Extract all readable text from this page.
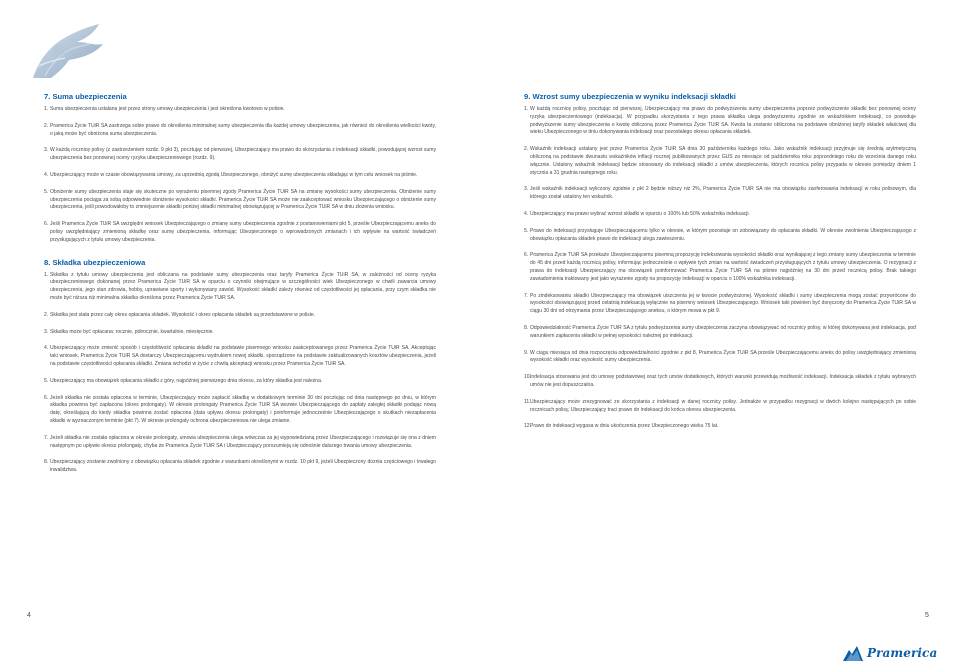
7. Suma ubezpieczenia
1. Suma ubezpieczenia ustalana jest przez strony umowy ubezpieczenia i jest określona kwotowo w polisie.
2. Pramerica Życie TUiR SA zastrzega sobie prawo do określenia minimalnej sumy ubezpieczenia dla każdej umowy ubezpieczenia, jak również do określenia wielkości kwoty, o jaką może być obniżona suma ubezpieczenia.
3. W każdą rocznicę polisy (z zastrzeżeniem rozdz. 9 pkt 3), pocztując od pierwszej, Ubezpieczający ma prawo do skorzystania z indeksacji składki, powodującej wzrost sumy ubezpieczenia bez ponownej oceny ryzyka ubezpieczeniowego (rozdz. 9).
4. Ubezpieczający może w czasie obowiązywania umowy, za uprzednią zgodą Ubezpieczonego, obniżyć sumę ubezpieczenia składając w tym celu wniosek na piśmie.
5. Obniżenie sumy ubezpieczenia staje się skuteczne po wyrażeniu pisemnej zgody Pramerica Życie TUiR SA na zmianę wysokości sumy ubezpieczenia. Obniżenie sumy ubezpieczenia pociąga za sobą odpowiednie obniżenie wysokości składki. Pramerica Życie TUiR SA może nie zaakceptować wniosku Ubezpieczającego o obniżenie sumy ubezpieczenia, jeśli powodowałoby to zmniejszenie składki poniżej składki minimalnej obowiązującej w Pramerica Życie TUiR SA w dniu złożenia wniosku.
6. Jeśli Pramerica Życie TUiR SA uwzględni wniosek Ubezpieczającego o zmianę sumy ubezpieczenia zgodnie z postanowieniami pkt 5, prześle Ubezpieczającemu aneks do polisy uwzględniający zmienioną składkę oraz sumę ubezpieczenia, informując Ubezpieczonego o wprowadzonych zmianach i ich wpływie na wartość świadczeń przysługujących z tytułu umowy ubezpieczenia.
8. Składka ubezpieczeniowa
1. Składka z tytułu umowy ubezpieczenia jest obliczana na podstawie sumy ubezpieczenia oraz taryfy Pramerica Życie TUiR SA, w zależności od oceny ryzyka ubezpieczeniowego dokonanej przez Pramerica Życie TUiR SA w oparciu o czynniki obejmujące w szczególności wiek Ubezpieczonego w chwili zawarcia umowy ubezpieczenia, jego stan zdrowia, hobby, uprawiane sporty i wykonywany zawód. Wysokość składki zależy również od częstotliwości jej opłacania, przy czym składka nie może być niższa niż minimalna składka określona przez Pramerica Życie TUiR SA.
2. Składka jest stała przez cały okres opłacania składek. Wysokość i okres opłacania składek są przedstawione w polisie.
3. Składka może być opłacana: rocznie, półrocznie, kwartalnie, miesięcznie.
4. Ubezpieczający może zmienić sposób i częstotliwość opłacania składki na podstawie pisemnego wniosku zaakceptowanego przez Pramerica Życie TUiR SA. Akceptując taki wniosek, Pramerica Życie TUiR SA dostarczy Ubezpieczającemu wydrukiem nowej składki, sporządzone na podstawie zaktualizowanych kosztów ubezpieczenia, jeżeli na podstawie częstotliwości opłacania składki. Zmiana wchodzi w życie z chwilą akceptacji wniosku przez Pramerica Życie TUiR SA.
5. Ubezpieczający ma obowiązek opłacania składki z góry, najpóźniej pierwszego dnia okresu, za który składka jest należna.
6. Jeżeli składka nie została opłacona w terminie, Ubezpieczający może zapłacić składkę w dodatkowym terminie 30 dni pocztując od dnia następnego po dniu, w którym składka powinna być zapłacona (okres prolongaty). W okresie prolongaty Pramerica Życie TUiR SA wezwie Ubezpieczającego do zapłaty zaległej składki podając nową datę, określającą do kiedy składka powinna zostać opłacona (data upływu okresu prolongaty) i poinformuje jednocześnie Ubezpieczającego o skutkach niezapłacenia składki w wyznaczonym terminie (pkt 7). W okresie prolongaty ochrona ubezpieczeniowa nie ulega zmianie.
7. Jeżeli składka nie została opłacona w okresie prolongaty, umowa ubezpieczenia ulega wówczas za jej wypowiedzianą przez Ubezpieczającego i rozwiązuje się ona z dniem następnym po upływie okresu prolongaty, chyba że Pramerica Życie TUiR SA i Ubezpieczający porozumieją się odnośnie dalszego trwania umowy ubezpieczenia.
8. Ubezpieczający zostanie zwolniony z obowiązku opłacania składek zgodnie z warunkami określonymi w rozdz. 10 pkt 9, jeżeli Ubezpieczony doznia częściowego i trwałego inwalidztwa.
9. Wzrost sumy ubezpieczenia w wyniku indeksacji składki
1. W każdą rocznicę polisy, pocztując od pierwszej, Ubezpieczający ma prawo do podwyższenia sumy ubezpieczenia poprzez podwyższenie składki bez ponownej oceny ryzyka ubezpieczeniowego (indeksacja). W przypadku skorzystania z tego prawa składka ulega podwyższeniu zgodnie ze wskaźnikiem indeksacji, co powoduje podwyższenie sumy ubezpieczenia o kwotę obliczoną przez Pramerica Życie TUiR SA. Kwota ta zostanie obliczona na podstawie obniżonej taryfy składek właściwej dla wieku Ubezpieczonego w dniu dokonywania indeksacji oraz pozostałego okresu opłacania składek.
2. Wskaźnik indeksacji ustalany jest przez Pramerica Życie TUiR SA dnia 30 października każdego roku. Jako wskaźnik indeksacji przyjmuje się średnią arytmetyczną obliczoną na podstawie dwunastu wskaźników inflacji rocznej publikowanych przez GUS za miesiące od października roku poprzedniego roku do września danego roku włącznie. Ustalony wskaźnik indeksacji będzie stosowany do indeksacji składki z umów ubezpieczenia, których rocznica polisy przypada w okresie pomiędzy dniem 1 stycznia a 31 grudnia następnego roku.
3. Jeśli wskaźnik indeksacji wyliczony zgodnie z pkt 2 będzie niższy niż 2%, Pramerica Życie TUiR SA nie ma obowiązku zaoferowania indeksacji w roku polisowym, dla którego został ustalony ten wskaźnik.
4. Ubezpieczający ma prawo wybrać wzrost składki w oparciu o 100% lub 50% wskaźnika indeksacji.
5. Prawo do indeksacji przysługuje Ubezpieczającemu tylko w okresie, w którym pozostaje on zobowiązany do opłacania składki. W okresie zwolnienia Ubezpieczającego z obowiązku opłacania składek prawo do indeksacji ulega zawieszeniu.
6. Pramerica Życie TUiR SA przekaże Ubezpieczającemu pisemną propozycję indeksowania wysokości składki oraz wynikającej z tego zmiany sumy ubezpieczenia w terminie do 45 dni przed każdą rocznicą polisy, informując jednocześnie o wpływie tych zmian na wartość świadczeń przysługujących z tytułu umowy ubezpieczenia. O rezygnacji z prawa do indeksacji Ubezpieczający ma obowiązek poinformować Pramerica Życie TUiR SA na piśmie najpóźniej na 30 dni przed rocznicą polisy. Brak takiego zawiadomienia traktowany jest jako wyrażenie zgody na propozycję indeksacji w oparciu o 100% wskaźnika indeksacji.
7. Po zindeksowaniu składki Ubezpieczający ma obowiązek uiszczenia jej w kwocie podwyższonej. Wysokość składki i sumy ubezpieczenia mogą zostać przywrócone do wysokości obowiązującej przed ostatnią indeksacją wyłącznie na pisemny wniosek Ubezpieczającego. Wniosek taki powinien być doręczony do Pramerica Życie TUiR SA w ciągu 30 dni od otrzymania przez Ubezpieczającego aneksu, o którym mowa w pkt 9.
8. Odpowiedzialność Pramerica Życie TUiR SA z tytułu podwyższenia sumy ubezpieczenia zaczyna obowiązywać od rocznicy polisy, w której dokonywana jest indeksacja, pod warunkiem zapłacenia składki w pełnej wysokości należnej po indeksacji.
9. W ciągu miesiąca od dnia rozpoczęcia odpowiedzialności zgodnie z pkt 8, Pramerica Życie TUiR SA prześle Ubezpieczającemu aneks do polisy uwzględniający zmienioną wysokość składki oraz wysokość sumy ubezpieczenia.
10.
Indeksacja stosowana jest do umowy podstawowej oraz tych umów dodatkowych, których warunki przewidują możliwość indeksacji. Indeksacja składek z tytułu wybranych umów nie jest dopuszczalna.
11. Ubezpieczający może zrezygnować ze skorzystania z indeksacji w danej rocznicy polisy. Jednakże w przypadku rezygnacji w dwóch kolejno następujących po sobie rocznicach polisy, Ubezpieczający traci prawo do indeksacji do końca okresu ubezpieczenia.
12.
Prawo do indeksacji wygasa w dniu ukończenia przez Ubezpieczonego wieku 75 lat.
4	5
Pramerica
